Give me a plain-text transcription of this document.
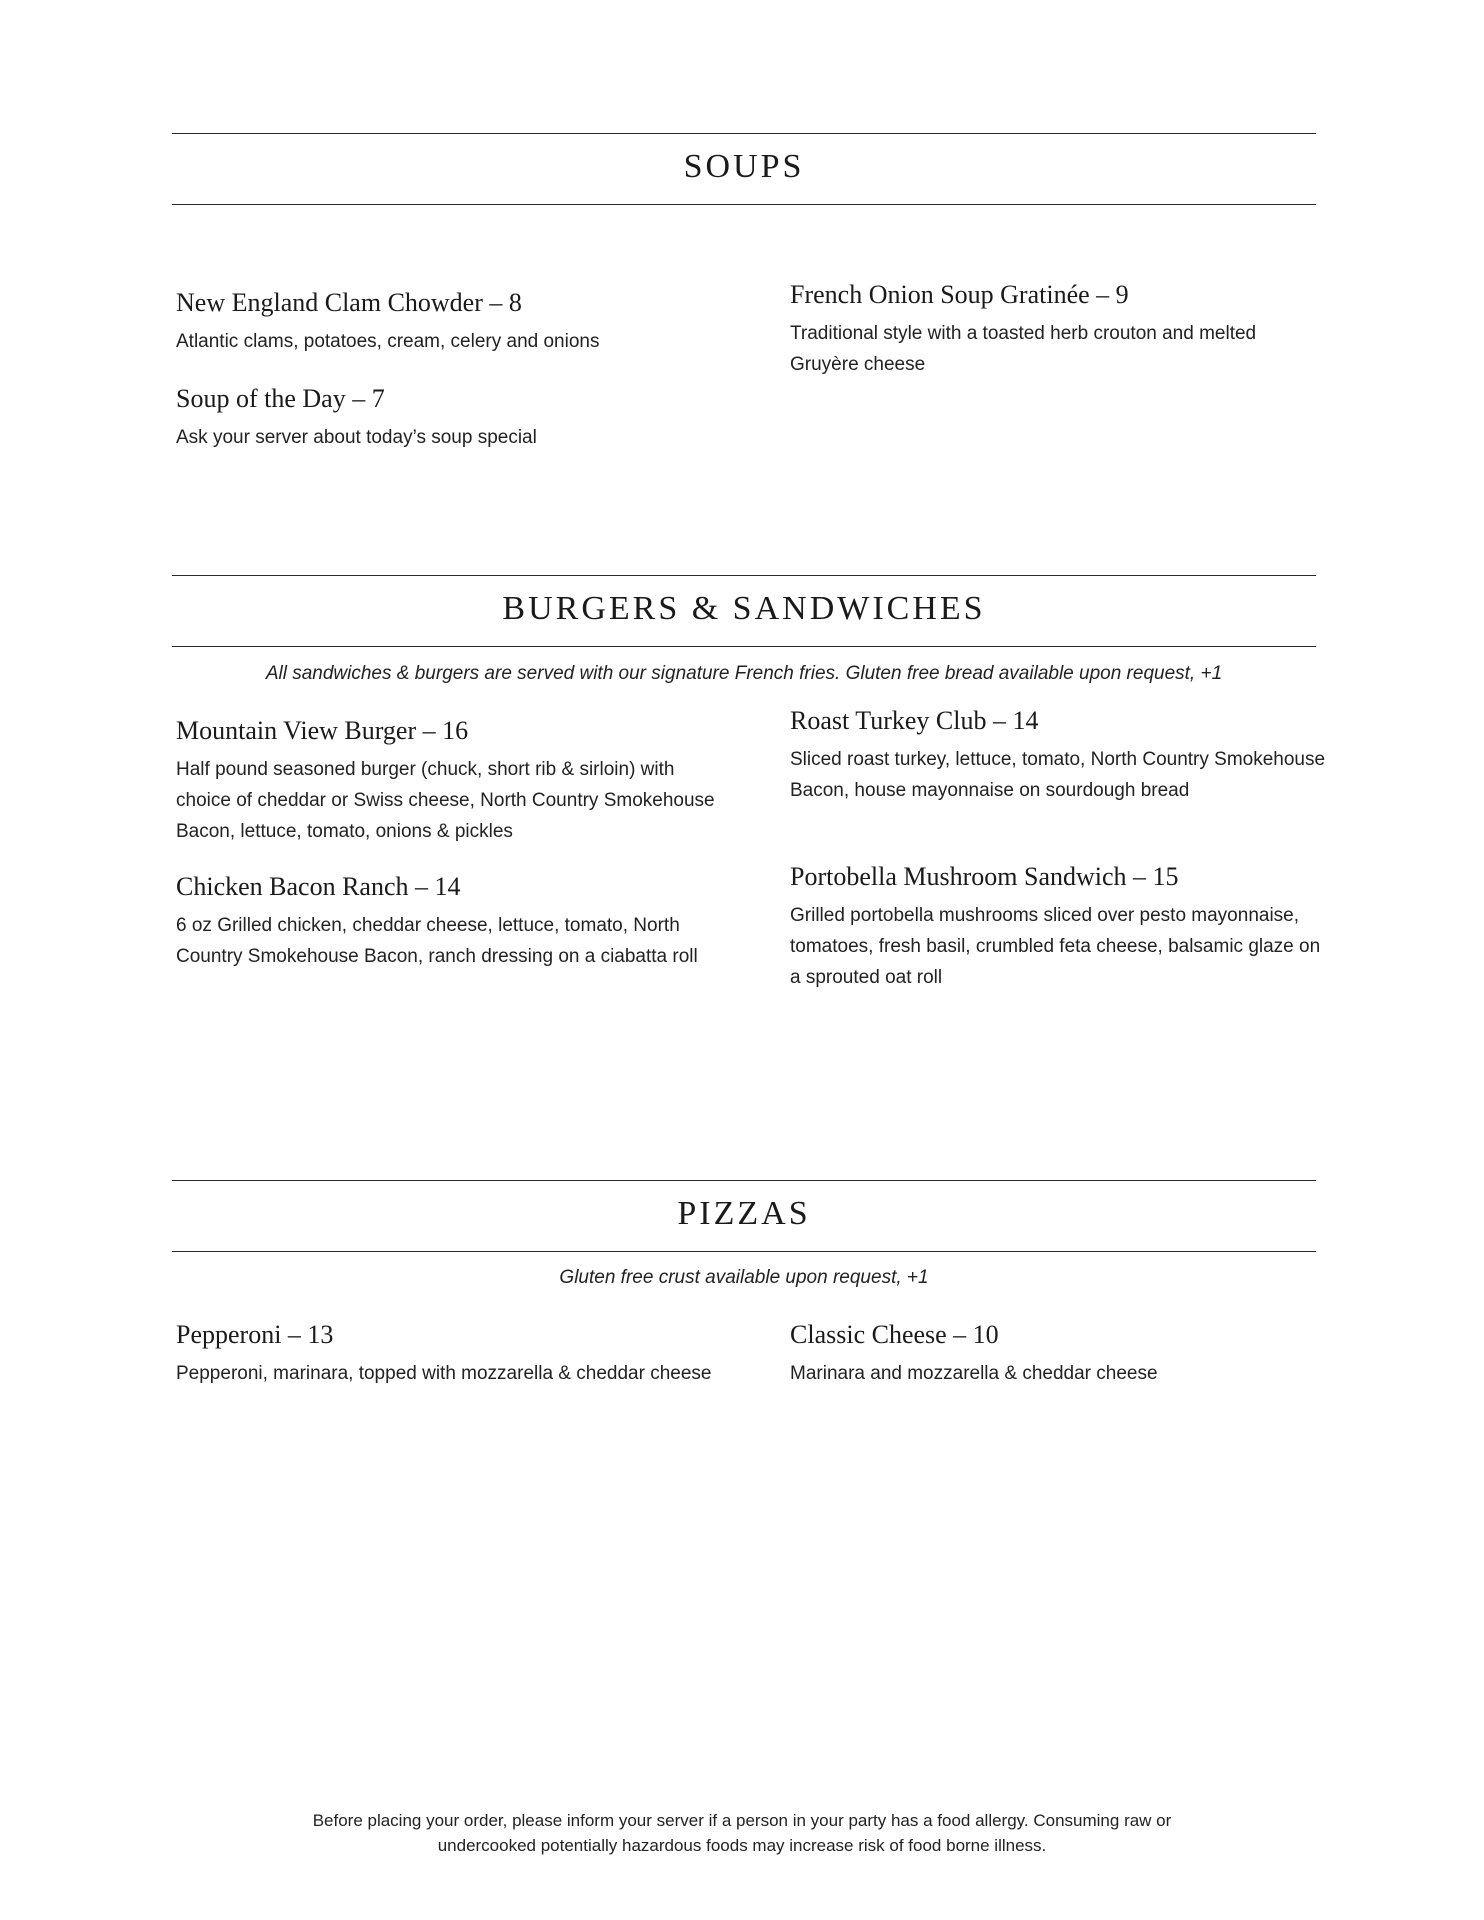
SOUPS

New England Clam Chowder – 8

Atlantic clams, potatoes, cream, celery and onions

Soup of the Day – 7

Ask your server about today’s soup special

French Onion Soup Gratinée – 9

Traditional style with a toasted herb crouton and melted Gruyère cheese

BURGERS & SANDWICHES
All sandwiches & burgers are served with our signature French fries. Gluten free bread available upon request, +1

Mountain View Burger – 16

Half pound seasoned burger (chuck, short rib & sirloin) with choice of cheddar or Swiss cheese, North Country Smokehouse Bacon, lettuce, tomato, onions & pickles

Chicken Bacon Ranch – 14

6 oz Grilled chicken, cheddar cheese, lettuce, tomato, North Country Smokehouse Bacon, ranch dressing on a ciabatta roll

Roast Turkey Club – 14

Sliced roast turkey, lettuce, tomato, North Country Smokehouse Bacon, house mayonnaise on sourdough bread

Portobella Mushroom Sandwich – 15

Grilled portobella mushrooms sliced over pesto mayonnaise, tomatoes, fresh basil, crumbled feta cheese, balsamic glaze on a sprouted oat roll

PIZZAS
Gluten free crust available upon request, +1

Pepperoni – 13

Pepperoni, marinara, topped with mozzarella & cheddar cheese

Classic Cheese – 10

Marinara and mozzarella & cheddar cheese

Before placing your order, please inform your server if a person in your party has a food allergy. Consuming raw or undercooked potentially hazardous foods may increase risk of food borne illness.
